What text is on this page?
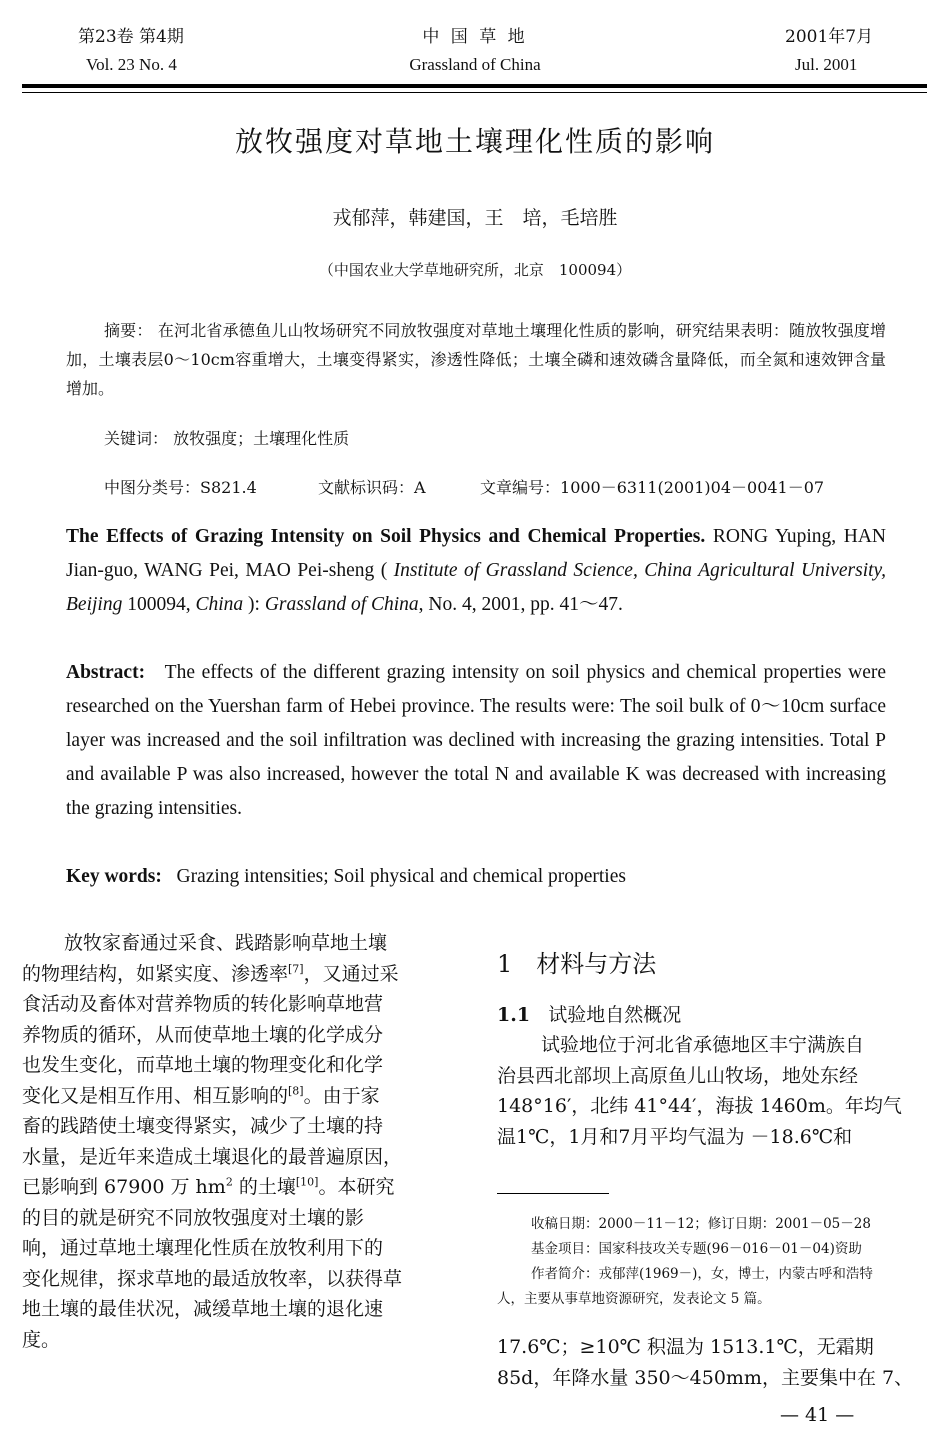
第23卷 第4期
Vol. 23 No. 4
中 国 草 地
Grassland of China
2001年7月
Jul. 2001
放牧强度对草地土壤理化性质的影响
戎郁萍，韩建国，王　培，毛培胜
（中国农业大学草地研究所，北京　100094）
摘要： 在河北省承德鱼儿山牧场研究不同放牧强度对草地土壤理化性质的影响，研究结果表明：随放牧强度增加，土壤表层0～10cm容重增大，土壤变得紧实，渗透性降低；土壤全磷和速效磷含量降低，而全氮和速效钾含量增加。
关键词： 放牧强度；土壤理化性质
中图分类号：S821.4	文献标识码：A	文章编号：1000－6311(2001)04－0041－07
The Effects of Grazing Intensity on Soil Physics and Chemical Properties. RONG Yuping, HAN Jian-guo, WANG Pei, MAO Pei-sheng ( Institute of Grassland Science, China Agricultural University, Beijing 100094, China ): Grassland of China, No. 4, 2001, pp. 41～47.
Abstract: The effects of the different grazing intensity on soil physics and chemical properties were researched on the Yuershan farm of Hebei province. The results were: The soil bulk of 0～10cm surface layer was increased and the soil infiltration was declined with increasing the grazing intensities. Total P and available P was also increased, however the total N and available K was decreased with increasing the grazing intensities.
Key words: Grazing intensities; Soil physical and chemical properties
放牧家畜通过采食、践踏影响草地土壤
的物理结构，如紧实度、渗透率[7]，又通过采
食活动及畜体对营养物质的转化影响草地营
养物质的循环，从而使草地土壤的化学成分
也发生变化，而草地土壤的物理变化和化学
变化又是相互作用、相互影响的[8]。由于家
畜的践踏使土壤变得紧实，减少了土壤的持
水量，是近年来造成土壤退化的最普遍原因，
已影响到 67900 万 $hm^2$ 的土壤[10]。本研究
的目的就是研究不同放牧强度对土壤的影
响，通过草地土壤理化性质在放牧利用下的
变化规律，探求草地的最适放牧率，以获得草
地土壤的最佳状况，减缓草地土壤的退化速
度。
1　材料与方法
1.1 试验地自然概况
试验地位于河北省承德地区丰宁满族自
治县西北部坝上高原鱼儿山牧场，地处东经
148°16′，北纬 41°44′，海拔 1460m。年均气
温1℃，1月和7月平均气温为 －18.6℃和
收稿日期：2000－11－12；修订日期：2001－05－28
基金项目：国家科技攻关专题(96－016－01－04)资助
作者简介：戎郁萍(1969－)，女，博士，内蒙古呼和浩特
人，主要从事草地资源研究，发表论文 5 篇。
17.6℃；≥10℃ 积温为 1513.1℃，无霜期
85d，年降水量 350～450mm，主要集中在 7、
— 41 —
